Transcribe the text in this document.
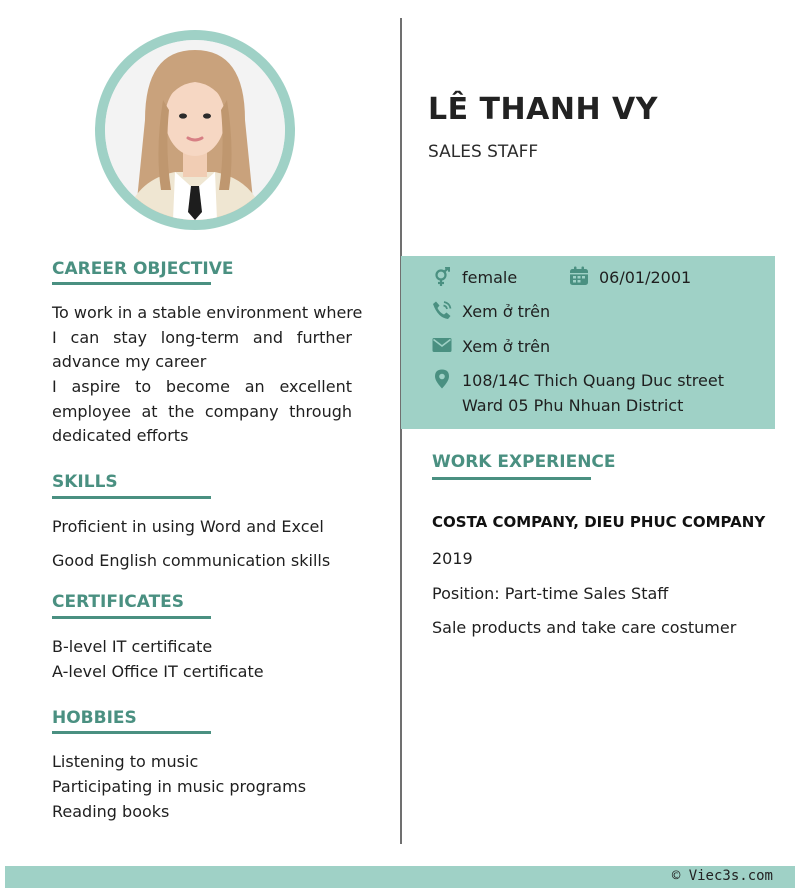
CAREER OBJECTIVE
To work in a stable environment where
I can stay long-term and further
advance my career
I aspire to become an excellent
employee at the company through
dedicated efforts
SKILLS
Proficient in using Word and Excel
Good English communication skills
CERTIFICATES
B-level IT certificate
A-level Office IT certificate
HOBBIES
Listening to music
Participating in music programs
Reading books
LÊ THANH VY
SALES STAFF
female	06/01/2001
Xem ở trên
Xem ở trên
108/14C Thich Quang Duc street
Ward 05 Phu Nhuan District
WORK EXPERIENCE
COSTA COMPANY, DIEU PHUC COMPANY
2019
Position: Part-time Sales Staff
Sale products and take care costumer
© Viec3s.com
